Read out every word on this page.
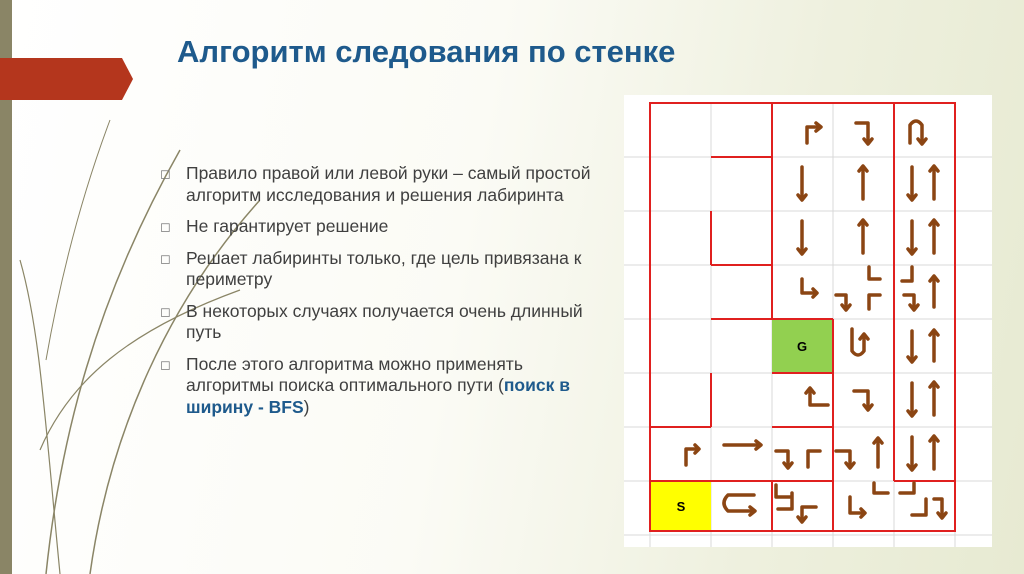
Алгоритм следования по стенке
◻ Правило правой или левой руки – самый простой алгоритм исследования и решения лабиринта
◻ Не гарантирует решение
◻ Решает лабиринты только, где цель привязана к периметру
◻ В некоторых случаях получается очень длинный путь
◻ После этого алгоритма можно применять алгоритмы поиска оптимального пути (поиск в ширину - BFS)
S
G
